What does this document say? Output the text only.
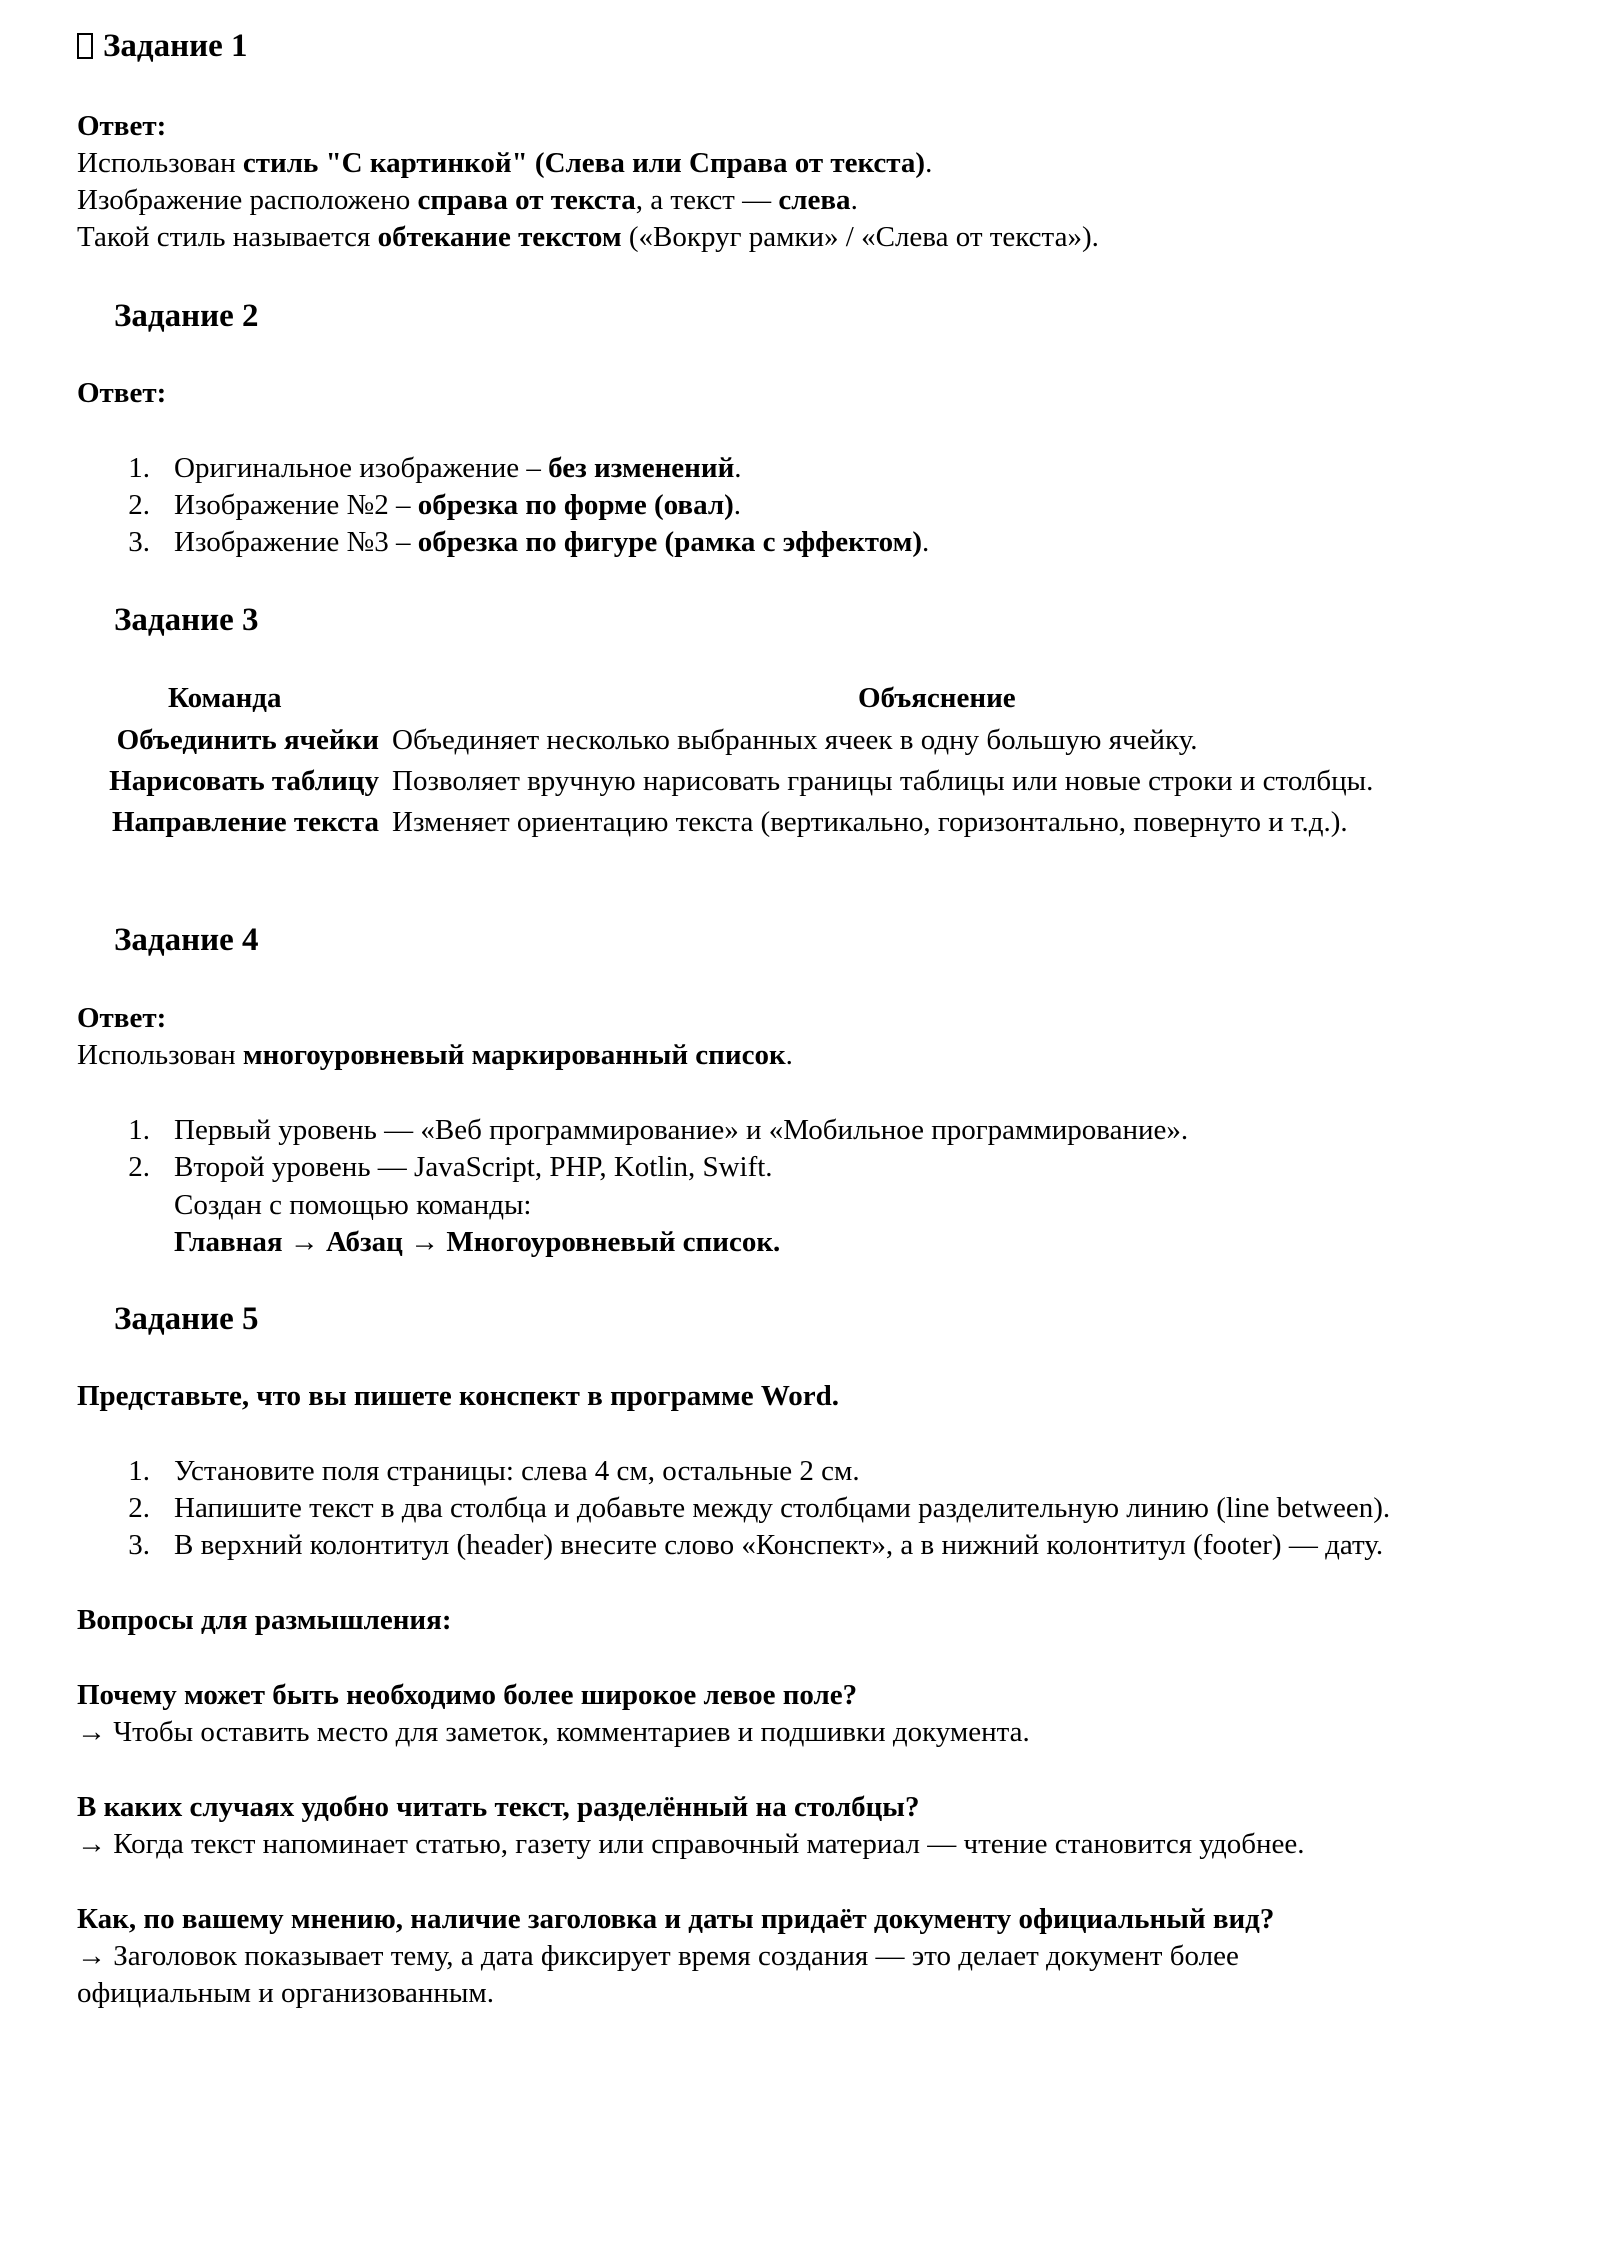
Задание 1
Ответ:
Использован стиль "С картинкой" (Слева или Справа от текста).
Изображение расположено справа от текста, а текст — слева.
Такой стиль называется обтекание текстом («Вокруг рамки» / «Слева от текста»).
Задание 2
Ответ:
1. Оригинальное изображение – без изменений.
2. Изображение №2 – обрезка по форме (овал).
3. Изображение №3 – обрезка по фигуре (рамка с эффектом).
Задание 3
Команда	Объяснение
Объединить ячейки Объединяет несколько выбранных ячеек в одну большую ячейку.
Нарисовать таблицу Позволяет вручную нарисовать границы таблицы или новые строки и столбцы.
Направление текста Изменяет ориентацию текста (вертикально, горизонтально, повернуто и т.д.).
Задание 4
Ответ:
Использован многоуровневый маркированный список.
1. Первый уровень — «Веб программирование» и «Мобильное программирование».
2. Второй уровень — JavaScript, PHP, Kotlin, Swift.
Создан с помощью команды:
Главная → Абзац → Многоуровневый список.
Задание 5
Представьте, что вы пишете конспект в программе Word.
1. Установите поля страницы: слева 4 см, остальные 2 см.
2. Напишите текст в два столбца и добавьте между столбцами разделительную линию (line between).
3. В верхний колонтитул (header) внесите слово «Конспект», а в нижний колонтитул (footer) — дату.
Вопросы для размышления:
Почему может быть необходимо более широкое левое поле?
→ Чтобы оставить место для заметок, комментариев и подшивки документа.
В каких случаях удобно читать текст, разделённый на столбцы?
→ Когда текст напоминает статью, газету или справочный материал — чтение становится удобнее.
Как, по вашему мнению, наличие заголовка и даты придаёт документу официальный вид?
→ Заголовок показывает тему, а дата фиксирует время создания — это делает документ более
официальным и организованным.
